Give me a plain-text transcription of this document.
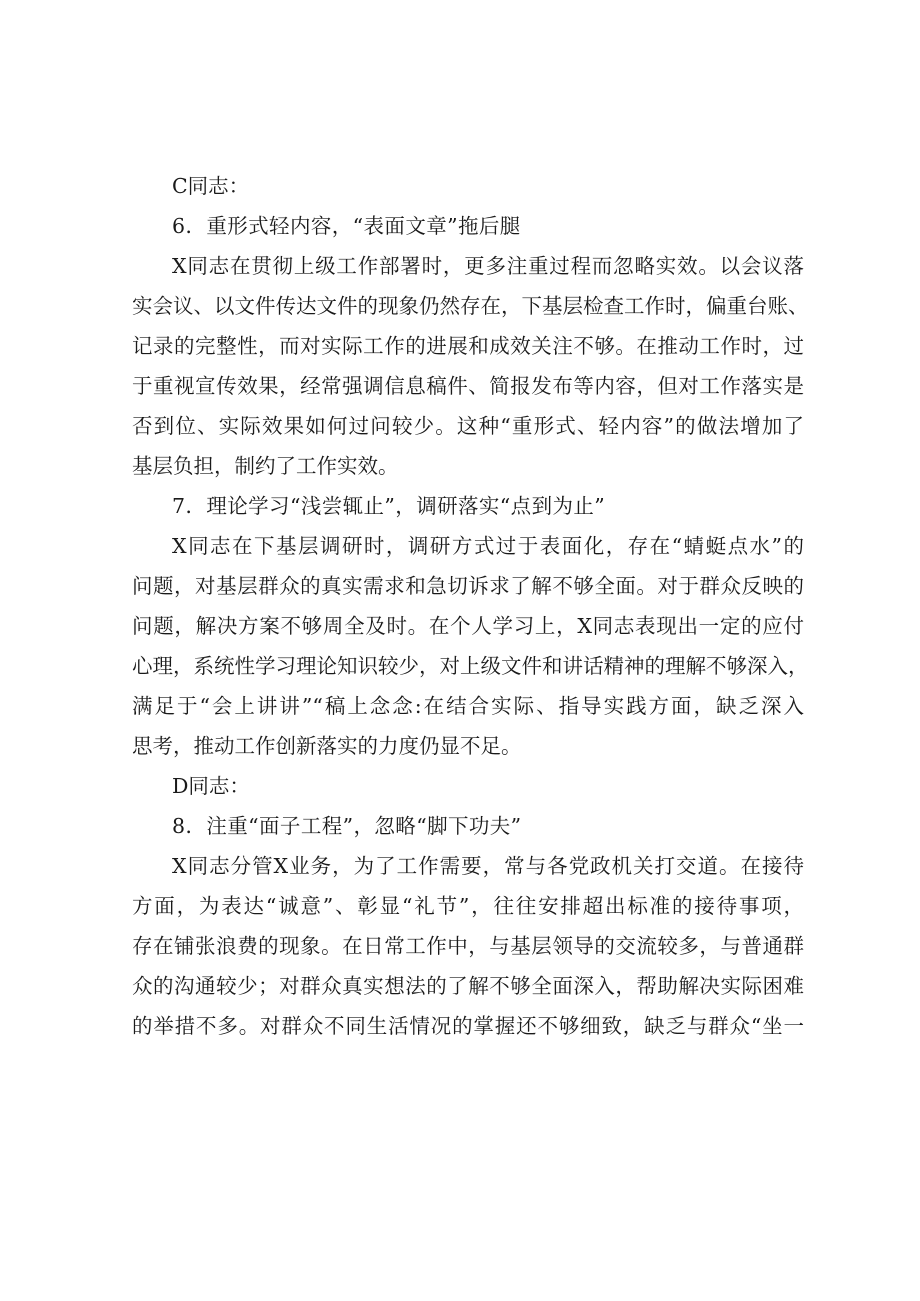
C同志：
6．重形式轻内容，“表面文章”拖后腿
X同志在贯彻上级工作部署时，更多注重过程而忽略实效。以会议落
实会议、以文件传达文件的现象仍然存在，下基层检查工作时，偏重台账、
记录的完整性，而对实际工作的进展和成效关注不够。在推动工作时，过
于重视宣传效果，经常强调信息稿件、简报发布等内容，但对工作落实是
否到位、实际效果如何过问较少。这种“重形式、轻内容”的做法增加了
基层负担，制约了工作实效。
7．理论学习“浅尝辄止”，调研落实“点到为止”
X同志在下基层调研时，调研方式过于表面化，存在“蜻蜓点水”的
问题，对基层群众的真实需求和急切诉求了解不够全面。对于群众反映的
问题，解决方案不够周全及时。在个人学习上，X同志表现出一定的应付
心理，系统性学习理论知识较少，对上级文件和讲话精神的理解不够深入，
满足于“会上讲讲”“稿上念念:在结合实际、指导实践方面，缺乏深入
思考，推动工作创新落实的力度仍显不足。
D同志：
8．注重“面子工程”，忽略“脚下功夫”
X同志分管X业务，为了工作需要，常与各党政机关打交道。在接待
方面，为表达“诚意”、彰显“礼节”，往往安排超出标准的接待事项，
存在铺张浪费的现象。在日常工作中，与基层领导的交流较多，与普通群
众的沟通较少；对群众真实想法的了解不够全面深入，帮助解决实际困难
的举措不多。对群众不同生活情况的掌握还不够细致，缺乏与群众“坐一
